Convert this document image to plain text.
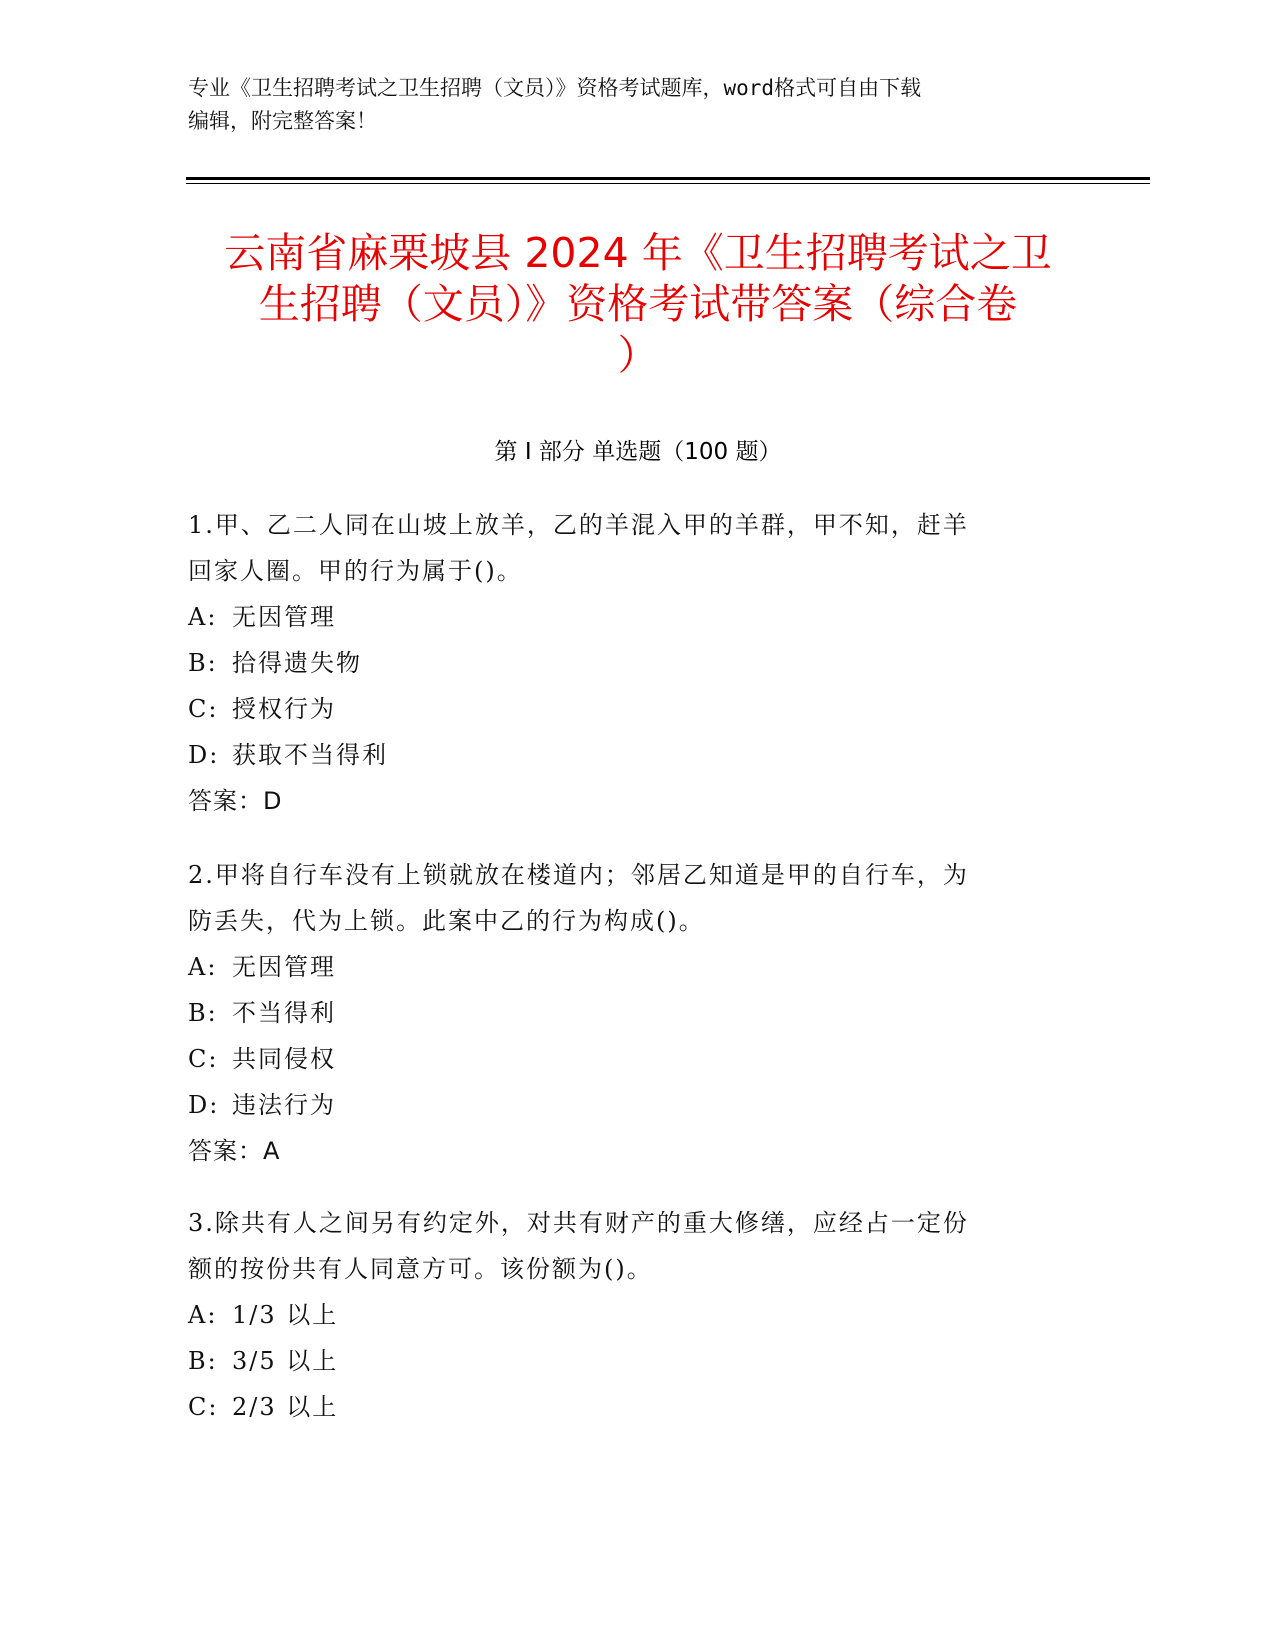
专业《卫生招聘考试之卫生招聘（文员）》资格考试题库，word格式可自由下载
编辑，附完整答案！
云南省麻栗坡县 2024 年《卫生招聘考试之卫
生招聘（文员）》资格考试带答案（综合卷
）
第 I 部分 单选题（100 题）
1.甲、乙二人同在山坡上放羊，乙的羊混入甲的羊群，甲不知，赶羊
回家人圈。甲的行为属于()。
A: 无因管理
B: 拾得遗失物
C: 授权行为
D: 获取不当得利
答案：D
2.甲将自行车没有上锁就放在楼道内；邻居乙知道是甲的自行车，为
防丢失，代为上锁。此案中乙的行为构成()。
A: 无因管理
B: 不当得利
C: 共同侵权
D: 违法行为
答案：A
3.除共有人之间另有约定外，对共有财产的重大修缮，应经占一定份
额的按份共有人同意方可。该份额为()。
A: 1/3 以上
B: 3/5 以上
C: 2/3 以上
